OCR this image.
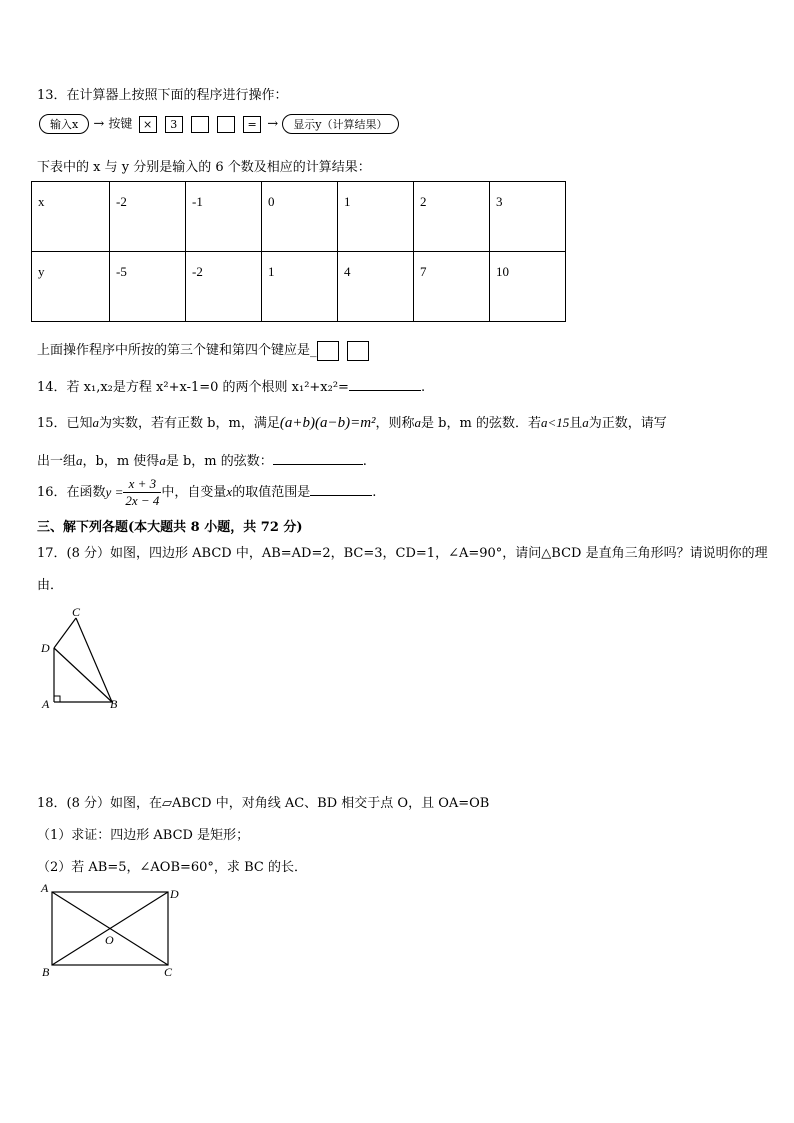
13．在计算器上按照下面的程序进行操作：
输入x → 按键 × 3	= → 显示y（计算结果）
下表中的 x 与 y 分别是输入的 6 个数及相应的计算结果：
x	-2	-1	0	1	2	3
y	-5	-2	1	4	7	10
上面操作程序中所按的第三个键和第四个键应是_
14．若 x₁,x₂是方程 x²+x-1=0 的两个根则 x₁²+x₂²=	.
15．已知a为实数，若有正数 b，m，满足(a+b)(a−b)=m²，则称a是 b，m 的弦数．若a<15且a为正数，请写
出一组a，b，m 使得a是 b，m 的弦数：	.
16．在函数$y = \frac{x + 3}{2x - 4}$ 中，自变量x的取值范围是	.
三、解下列各题(本大题共 8 小题，共 72 分)
17．(8 分）如图，四边形 ABCD 中，AB=AD=2，BC=3，CD=1，∠A=90°，请问△BCD 是直角三角形吗？请说明你的理
由．
C
D
A	B
18．(8 分）如图，在▱ABCD 中，对角线 AC、BD 相交于点 O，且 OA=OB
（1）求证：四边形 ABCD 是矩形；
（2）若 AB=5，∠AOB=60°，求 BC 的长．
A	D
O
B	C
